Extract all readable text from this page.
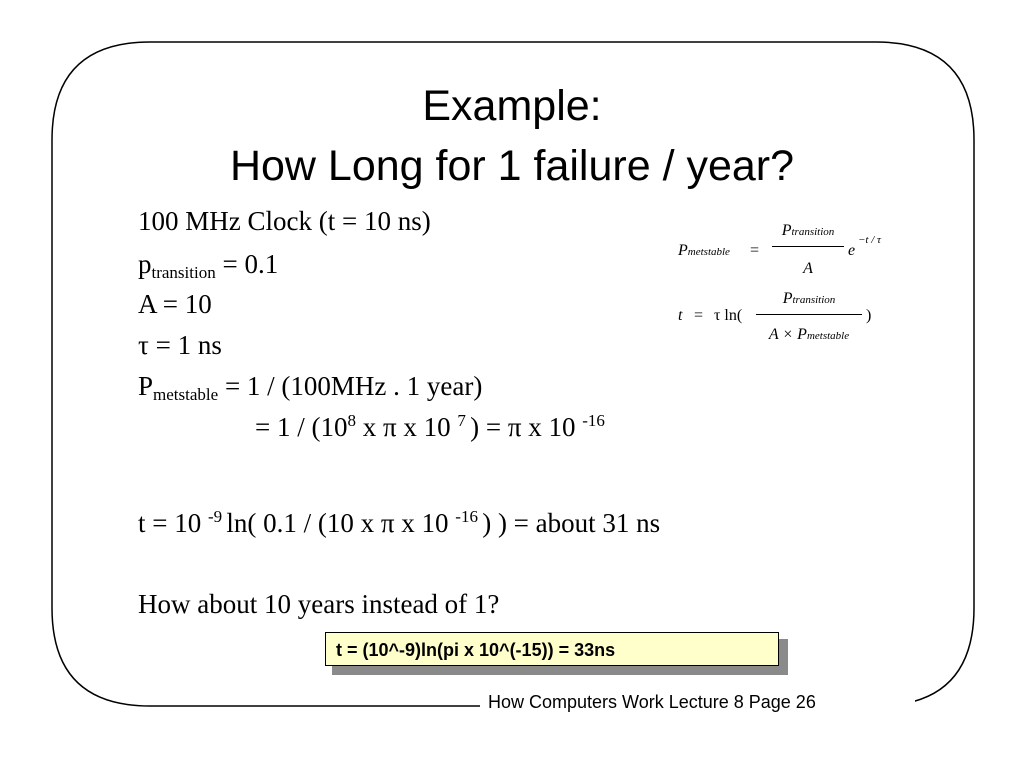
Example:
How Long for 1 failure / year?
100 MHz Clock (t = 10 ns)
$p_{transition} = 0.1$
A = 10
τ = 1 ns
$P_{metstable} = 1 / (100MHz$ . 1 year)
= $1 / (10^8$ x π x 10 $^7$ ) = π x 10 $^{-16}$
t = 10 $^{-9}$ ln( 0.1 / (10 x π x 10 $^{-16}$ ) ) = about 31 ns
How about 10 years instead of 1?
Pmetstable =
Ptransition
A
e
−t / τ
t = τ ln(
Ptransition
A × Pmetstable
)
t = (10^-9)ln(pi x 10^(-15)) = 33ns
How Computers Work Lecture 8 Page 26
